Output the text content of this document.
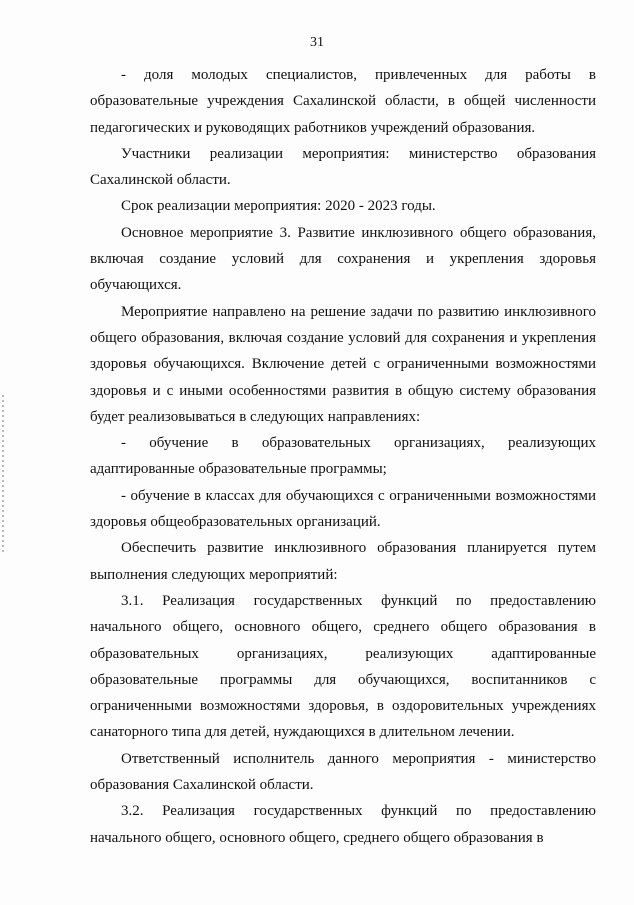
31

- доля молодых специалистов, привлеченных для работы в образовательные учреждения Сахалинской области, в общей численности педагогических и руководящих работников учреждений образования.

Участники реализации мероприятия: министерство образования Сахалинской области.

Срок реализации мероприятия: 2020 - 2023 годы.

Основное мероприятие 3. Развитие инклюзивного общего образования, включая создание условий для сохранения и укрепления здоровья обучающихся.

Мероприятие направлено на решение задачи по развитию инклюзивного общего образования, включая создание условий для сохранения и укрепления здоровья обучающихся. Включение детей с ограниченными возможностями здоровья и с иными особенностями развития в общую систему образования будет реализовываться в следующих направлениях:

- обучение в образовательных организациях, реализующих адаптированные образовательные программы;

- обучение в классах для обучающихся с ограниченными возможностями здоровья общеобразовательных организаций.

Обеспечить развитие инклюзивного образования планируется путем выполнения следующих мероприятий:

3.1. Реализация государственных функций по предоставлению начального общего, основного общего, среднего общего образования в образовательных организациях, реализующих адаптированные образовательные программы для обучающихся, воспитанников с ограниченными возможностями здоровья, в оздоровительных учреждениях санаторного типа для детей, нуждающихся в длительном лечении.

Ответственный исполнитель данного мероприятия - министерство образования Сахалинской области.

3.2. Реализация государственных функций по предоставлению начального общего, основного общего, среднего общего образования в
